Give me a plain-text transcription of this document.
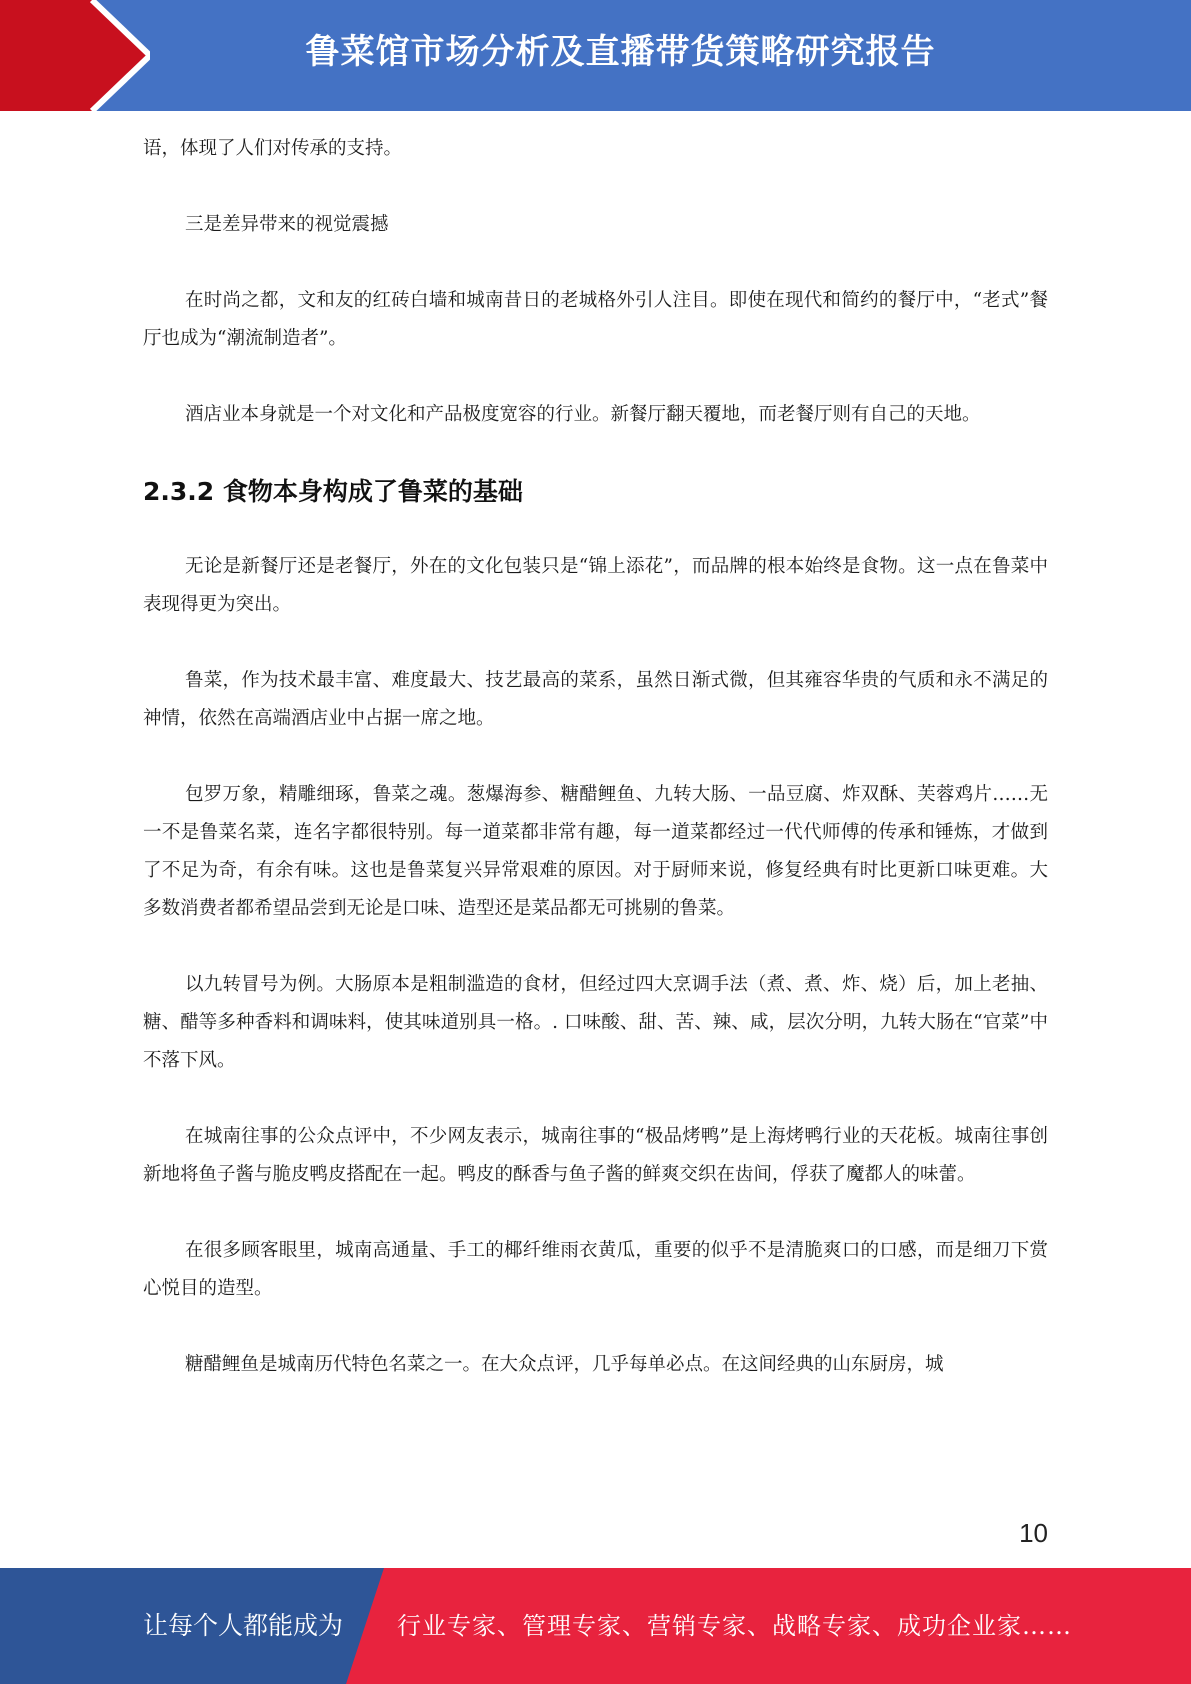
鲁菜馆市场分析及直播带货策略研究报告

语，体现了人们对传承的支持。

三是差异带来的视觉震撼

在时尚之都，文和友的红砖白墙和城南昔日的老城格外引人注目。即使在现代和简约的餐厅中，“老式”餐厅也成为“潮流制造者”。

酒店业本身就是一个对文化和产品极度宽容的行业。新餐厅翻天覆地，而老餐厅则有自己的天地。

2.3.2 食物本身构成了鲁菜的基础

无论是新餐厅还是老餐厅，外在的文化包装只是“锦上添花”，而品牌的根本始终是食物。这一点在鲁菜中表现得更为突出。

鲁菜，作为技术最丰富、难度最大、技艺最高的菜系，虽然日渐式微，但其雍容华贵的气质和永不满足的神情，依然在高端酒店业中占据一席之地。

包罗万象，精雕细琢，鲁菜之魂。葱爆海参、糖醋鲤鱼、九转大肠、一品豆腐、炸双酥、芙蓉鸡片……无一不是鲁菜名菜，连名字都很特别。每一道菜都非常有趣，每一道菜都经过一代代师傅的传承和锤炼，才做到了不足为奇，有余有味。这也是鲁菜复兴异常艰难的原因。对于厨师来说，修复经典有时比更新口味更难。大多数消费者都希望品尝到无论是口味、造型还是菜品都无可挑剔的鲁菜。

以九转冒号为例。大肠原本是粗制滥造的食材，但经过四大烹调手法（煮、煮、炸、烧）后，加上老抽、糖、醋等多种香料和调味料，使其味道别具一格。. 口味酸、甜、苦、辣、咸，层次分明，九转大肠在“官菜”中不落下风。

在城南往事的公众点评中，不少网友表示，城南往事的“极品烤鸭”是上海烤鸭行业的天花板。城南往事创新地将鱼子酱与脆皮鸭皮搭配在一起。鸭皮的酥香与鱼子酱的鲜爽交织在齿间，俘获了魔都人的味蕾。

在很多顾客眼里，城南高通量、手工的椰纤维雨衣黄瓜，重要的似乎不是清脆爽口的口感，而是细刀下赏心悦目的造型。

糖醋鲤鱼是城南历代特色名菜之一。在大众点评，几乎每单必点。在这间经典的山东厨房，城

10
让每个人都能成为 行业专家、管理专家、营销专家、战略专家、成功企业家……
